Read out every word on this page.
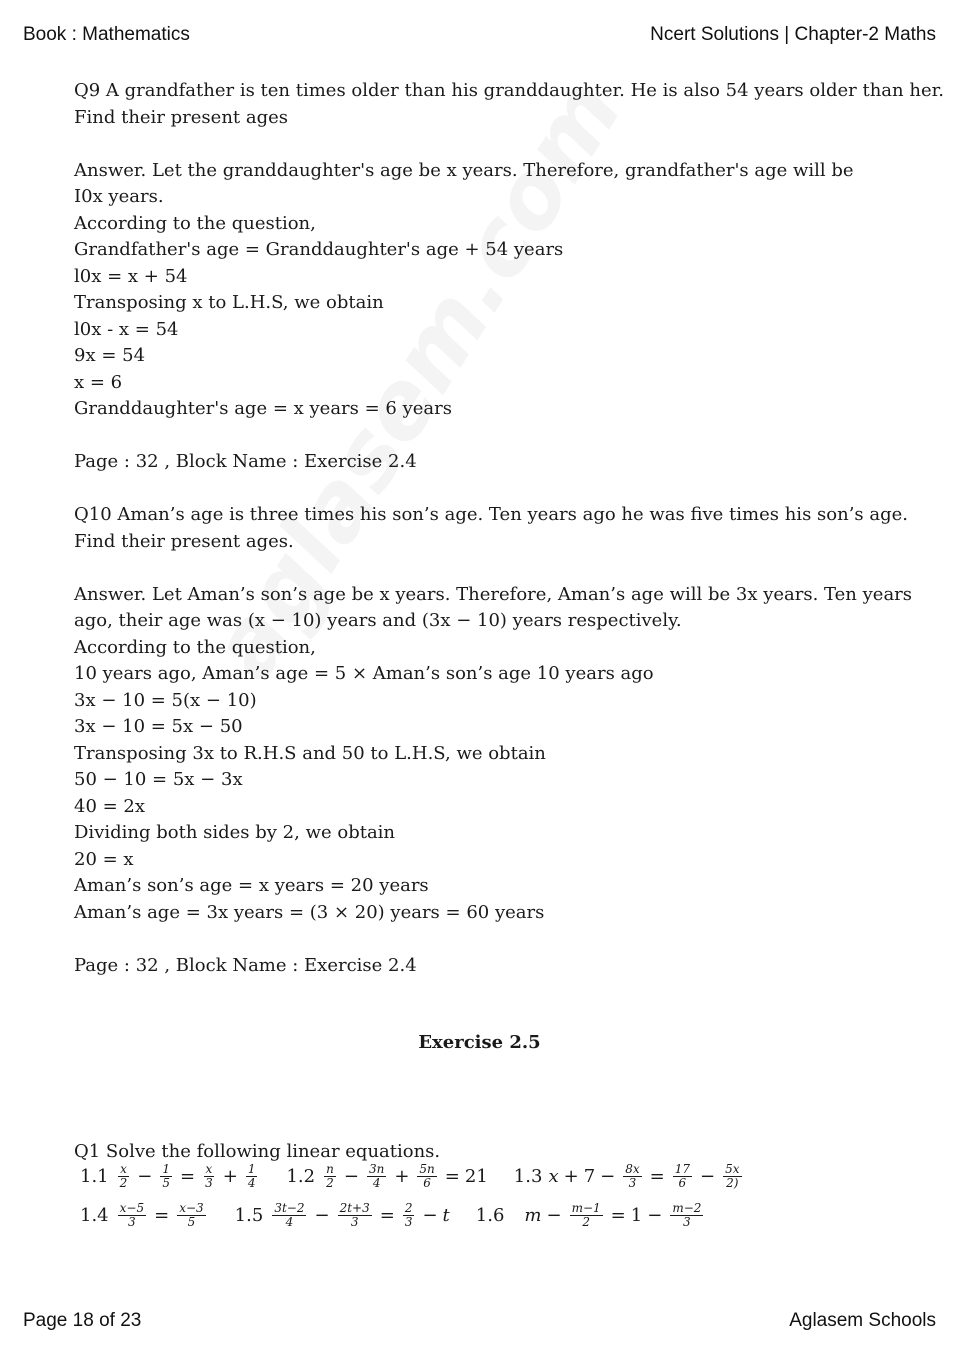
Book : Mathematics	Ncert Solutions | Chapter-2 Maths
Q9 A grandfather is ten times older than his granddaughter. He is also 54 years older than her.
Find their present ages
Answer. Let the granddaughter's age be x years. Therefore, grandfather's age will be
I0x years.
According to the question,
Grandfather's age = Granddaughter's age + 54 years
l0x = x + 54
Transposing x to L.H.S, we obtain
l0x - x = 54
9x = 54
x = 6
Granddaughter's age = x years = 6 years
Page : 32 , Block Name : Exercise 2.4
Q10 Aman’s age is three times his son’s age. Ten years ago he was five times his son’s age.
Find their present ages.
Answer. Let Aman’s son’s age be x years. Therefore, Aman’s age will be 3x years. Ten years
ago, their age was (x − 10) years and (3x − 10) years respectively.
According to the question,
10 years ago, Aman’s age = 5 × Aman’s son’s age 10 years ago
3x − 10 = 5(x − 10)
3x − 10 = 5x − 50
Transposing 3x to R.H.S and 50 to L.H.S, we obtain
50 − 10 = 5x − 3x
40 = 2x
Dividing both sides by 2, we obtain
20 = x
Aman’s son’s age = x years = 20 years
Aman’s age = 3x years = (3 × 20) years = 60 years
Page : 32 , Block Name : Exercise 2.4
Exercise 2.5
Q1 Solve the following linear equations.
$1.1 \frac{x}{2} - \frac{1}{5} = \frac{x}{3} + \frac{1}{4} 1.2 \frac{n}{2} - \frac{3n}{4} + \frac{5n}{6} = 21$ 1.3 $x + 7 - \frac{8x}{3} = \frac{17}{6} - \frac{5x}{2)}$
$1.4 \frac{x-5}{3} = \frac{x-3}{5} 1.5 \frac{3t-2}{4} - \frac{2t+3}{3} = \frac{2}{3} - t$ 1.6 $m - \frac{m-1}{2} = 1 - \frac{m-2}{3}$
Page 18 of 23	Aglasem Schools
